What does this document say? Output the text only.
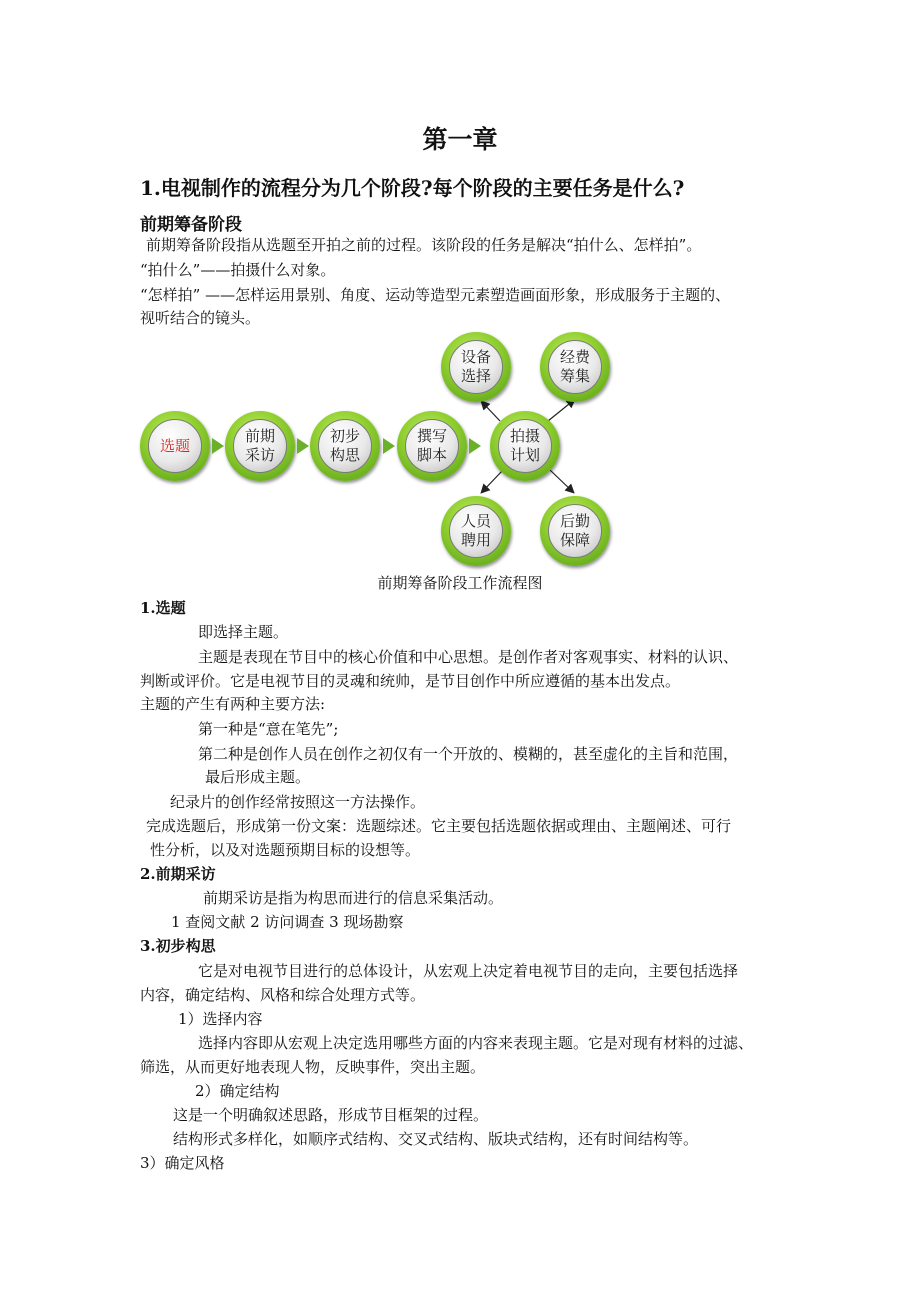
第一章
1.电视制作的流程分为几个阶段?每个阶段的主要任务是什么?
前期筹备阶段
前期筹备阶段指从选题至开拍之前的过程。该阶段的任务是解决“拍什么、怎样拍”。
“拍什么”——拍摄什么对象。
“怎样拍” ——怎样运用景别、角度、运动等造型元素塑造画面形象，形成服务于主题的、
视听结合的镜头。
选题
前期
采访
初步
构思
撰写
脚本
拍摄
计划
设备
选择
经费
筹集
人员
聘用
后勤
保障
前期筹备阶段工作流程图
1.选题
即选择主题。
主题是表现在节目中的核心价值和中心思想。是创作者对客观事实、材料的认识、
判断或评价。它是电视节目的灵魂和统帅，是节目创作中所应遵循的基本出发点。
主题的产生有两种主要方法:
第一种是“意在笔先”;
第二种是创作人员在创作之初仅有一个开放的、模糊的，甚至虚化的主旨和范围，
最后形成主题。
纪录片的创作经常按照这一方法操作。
完成选题后，形成第一份文案：选题综述。它主要包括选题依据或理由、主题阐述、可行
性分析，以及对选题预期目标的设想等。
2.前期采访
前期采访是指为构思而进行的信息采集活动。
1 查阅文献 2 访问调查 3 现场勘察
3.初步构思
它是对电视节目进行的总体设计，从宏观上决定着电视节目的走向，主要包括选择
内容，确定结构、风格和综合处理方式等。
1）选择内容
选择内容即从宏观上决定选用哪些方面的内容来表现主题。它是对现有材料的过滤、
筛选，从而更好地表现人物，反映事件，突出主题。
2）确定结构
这是一个明确叙述思路，形成节目框架的过程。
结构形式多样化，如顺序式结构、交叉式结构、版块式结构，还有时间结构等。
3）确定风格
